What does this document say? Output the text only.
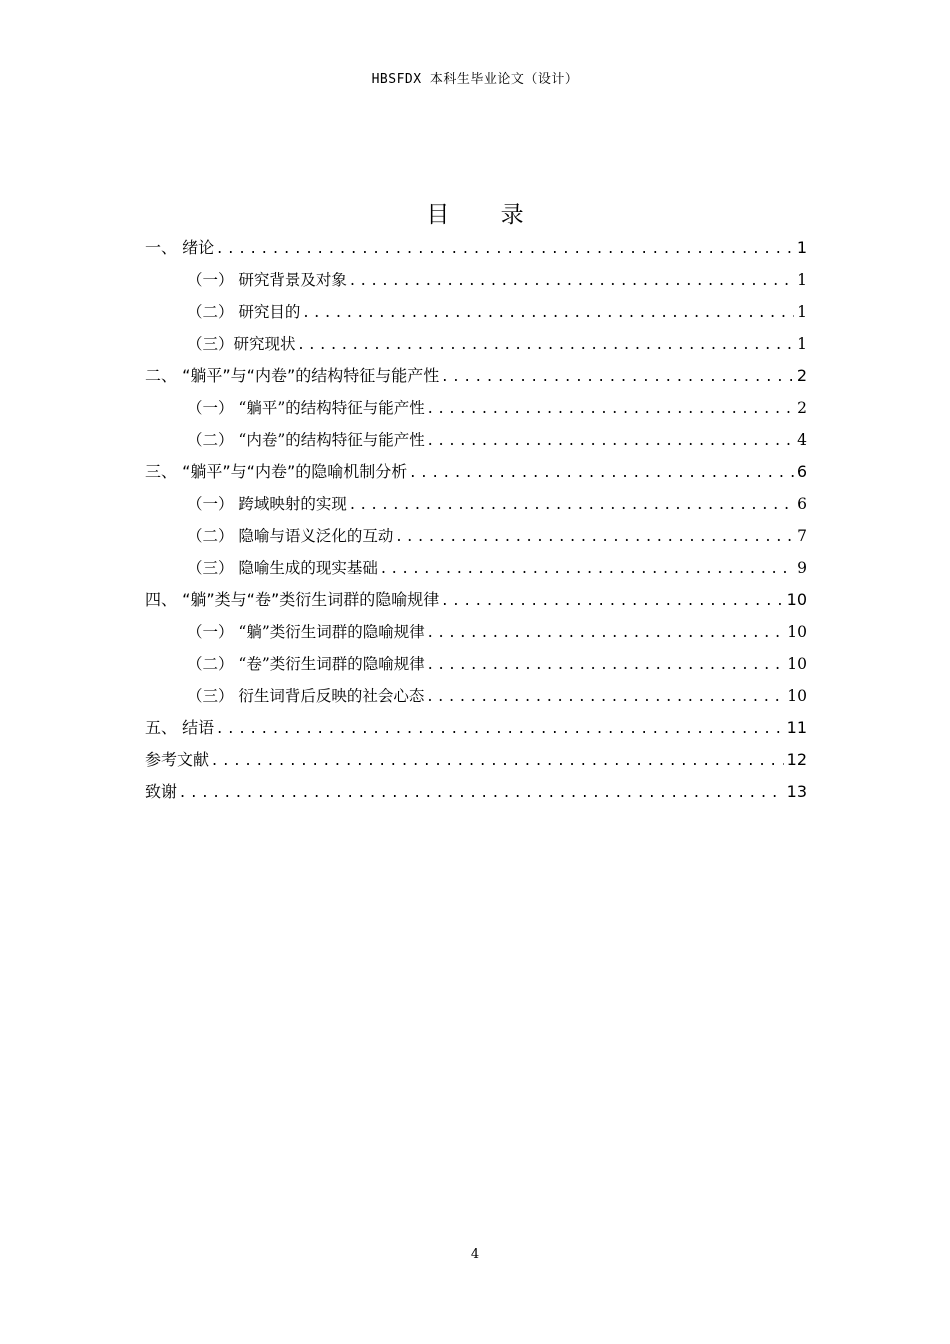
HBSFDX 本科生毕业论文（设计）
目 录
一、 绪论 . . .	1
（一） 研究背景及对象 . . .	1
（二） 研究目的 . . .	1
（三）研究现状 . . .	1
二、 “躺平”与“内卷”的结构特征与能产性 . . .	2
（一） “躺平”的结构特征与能产性 . . .	2
（二） “内卷”的结构特征与能产性 . . .	4
三、 “躺平”与“内卷”的隐喻机制分析 . . .	6
（一） 跨域映射的实现 . . .	6
（二） 隐喻与语义泛化的互动 . . .	7
（三） 隐喻生成的现实基础 . . .	9
四、 “躺”类与“卷”类衍生词群的隐喻规律 . . .	10
（一） “躺”类衍生词群的隐喻规律 . . .	10
（二） “卷”类衍生词群的隐喻规律 . . .	10
（三） 衍生词背后反映的社会心态 . . .	10
五、 结语 . . .	11
参考文献 . . .	12
致谢 . . .	13
4
